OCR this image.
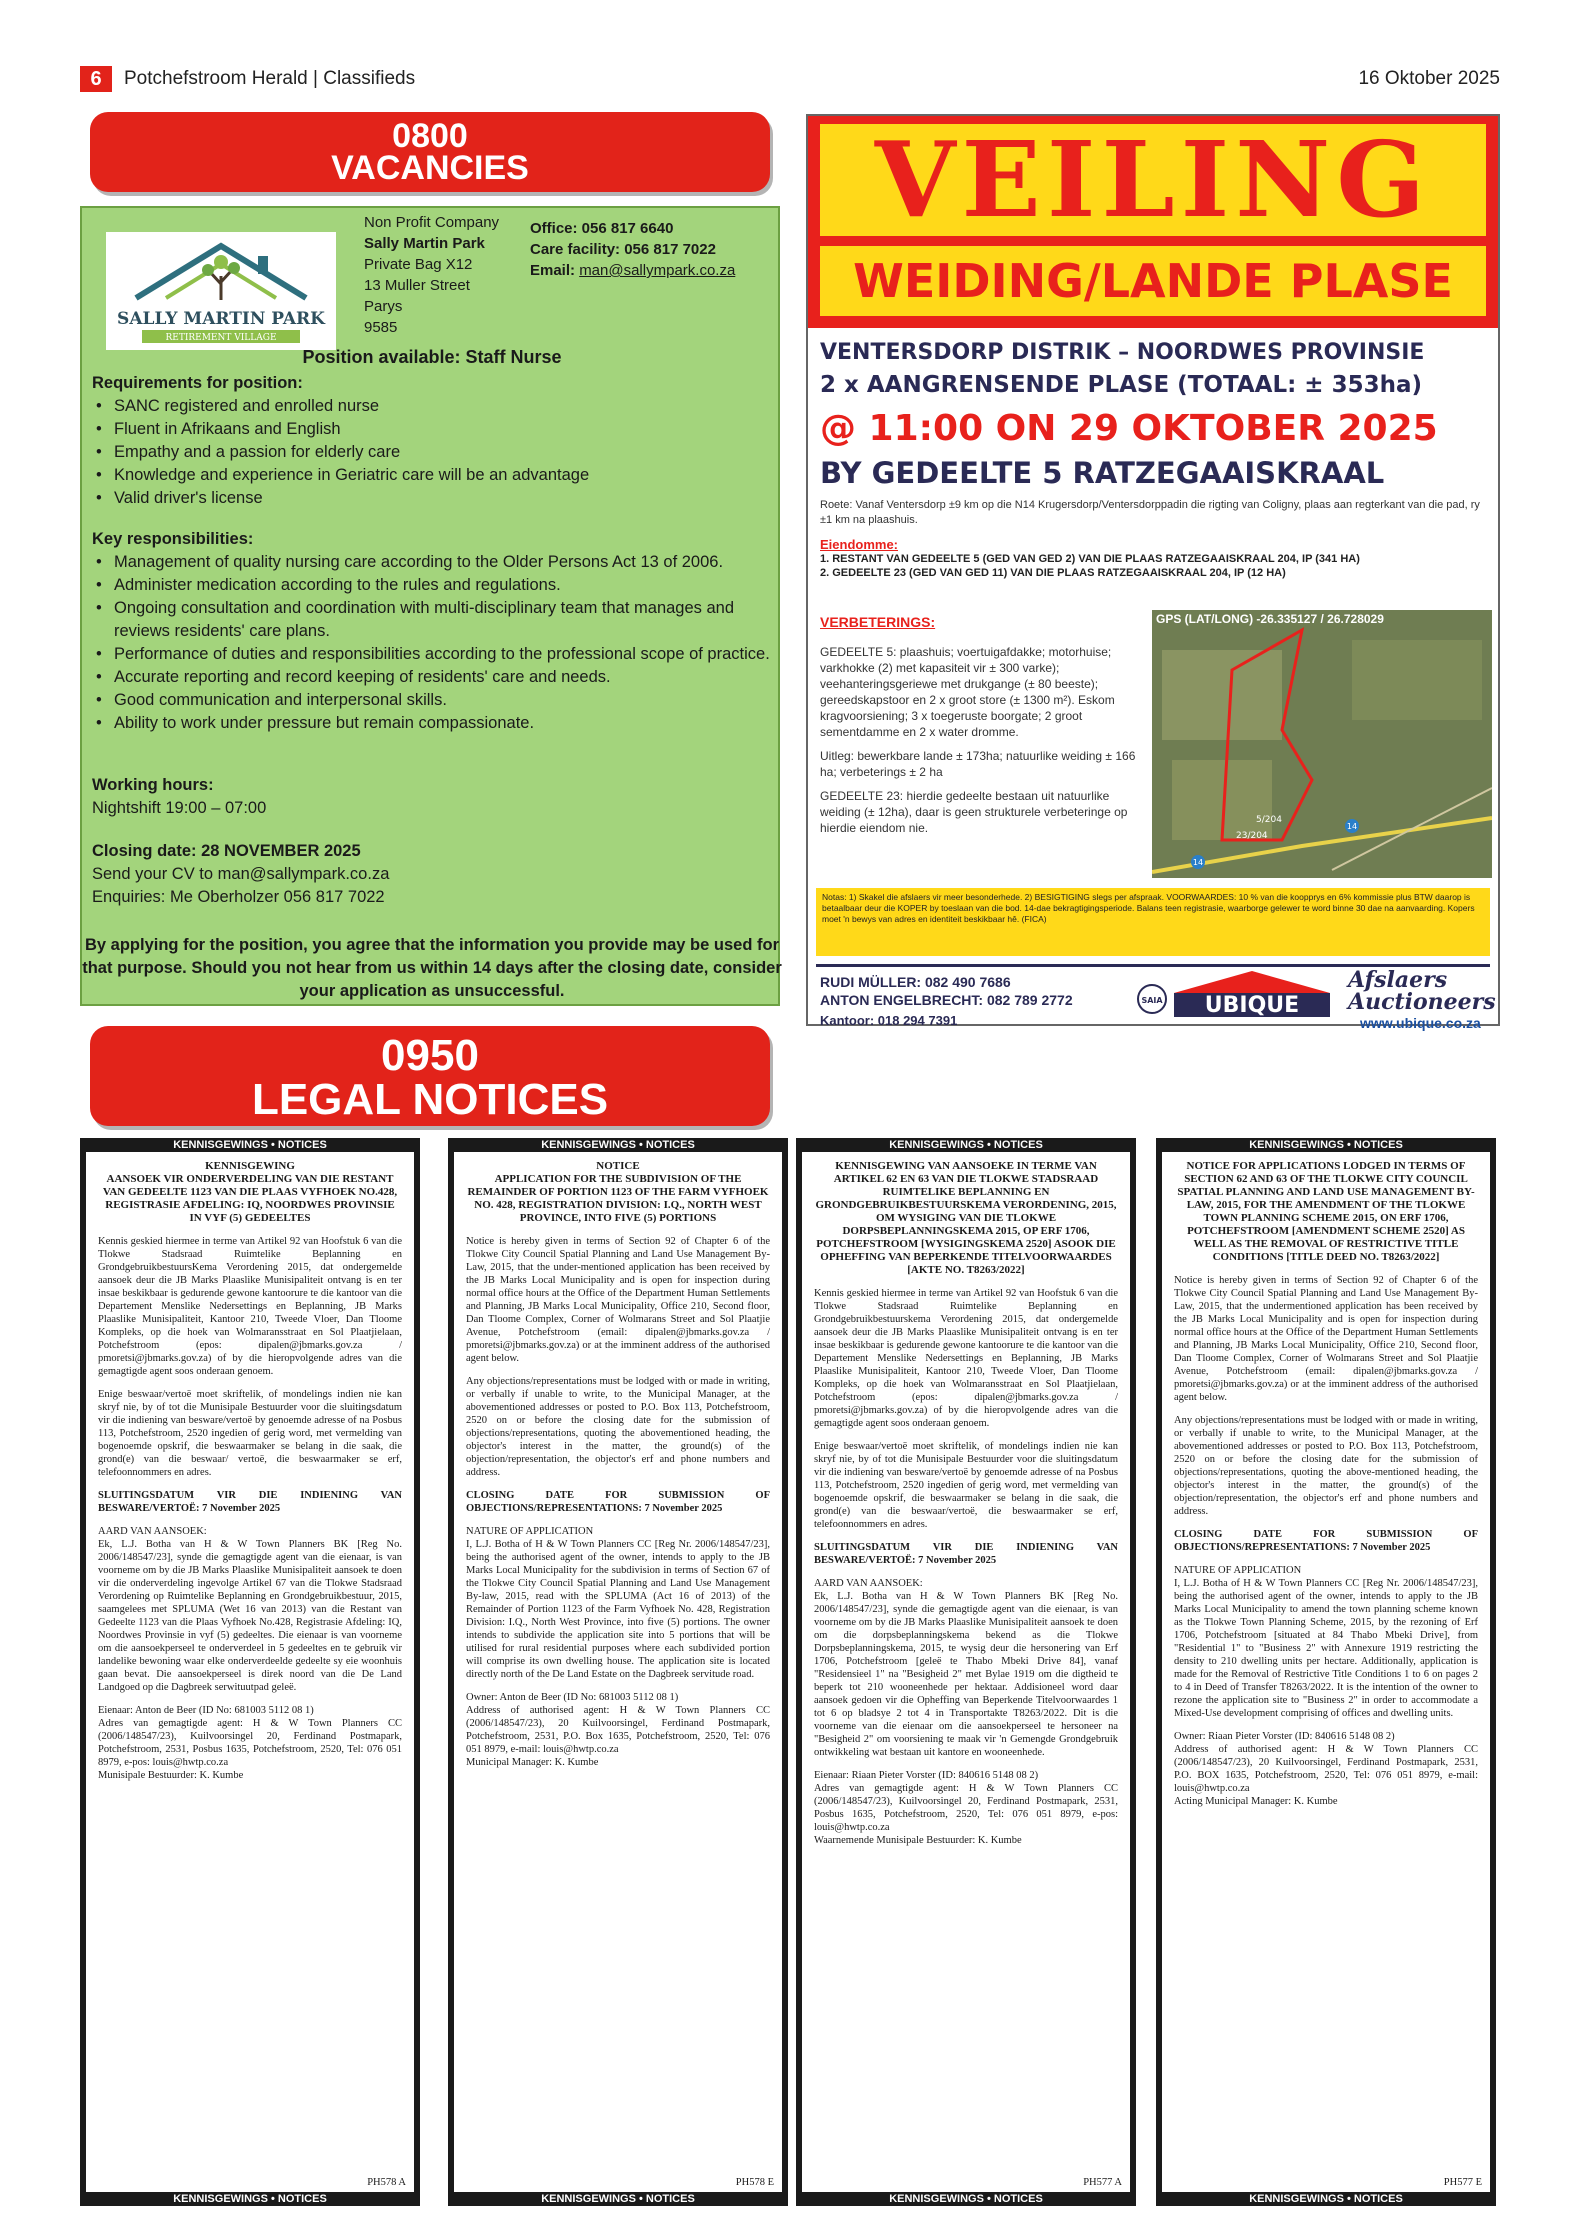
6	Potchefstroom Herald | Classifieds	16 Oktober 2025
0800
VACANCIES
SALLY MARTIN PARK
RETIREMENT VILLAGE
Non Profit Company
Sally Martin Park
Private Bag X12
13 Muller Street
Parys
9585
Office: 056 817 6640
Care facility: 056 817 7022
Email: man@sallympark.co.za
Position available: Staff Nurse
Requirements for position:
• SANC registered and enrolled nurse
• Fluent in Afrikaans and English
• Empathy and a passion for elderly care
• Knowledge and experience in Geriatric care will be an advantage
• Valid driver's license
Key responsibilities:
• Management of quality nursing care according to the Older Persons Act 13 of 2006.
• Administer medication according to the rules and regulations.
• Ongoing consultation and coordination with multi-disciplinary team that manages and reviews residents' care plans.
• Performance of duties and responsibilities according to the professional scope of practice.
• Accurate reporting and record keeping of residents' care and needs.
• Good communication and interpersonal skills.
• Ability to work under pressure but remain compassionate.
Working hours:
Nightshift 19:00 – 07:00
Closing date: 28 NOVEMBER 2025
Send your CV to man@sallympark.co.za
Enquiries: Me Oberholzer 056 817 7022
By applying for the position, you agree that the information you provide may be used for that purpose. Should you not hear from us within 14 days after the closing date, consider your application as unsuccessful.
VEILING
WEIDING/LANDE PLASE
VENTERSDORP DISTRIK – NOORDWES PROVINSIE
2 x AANGRENSENDE PLASE (TOTAAL: ± 353ha)
@ 11:00 ON 29 OKTOBER 2025
BY GEDEELTE 5 RATZEGAAISKRAAL
Roete: Vanaf Ventersdorp ±9 km op die N14 Krugersdorp/Ventersdorppadin die rigting van Coligny, plaas aan regterkant van die pad, ry ±1 km na plaashuis.
Eiendomme:
1. RESTANT VAN GEDEELTE 5 (GED VAN GED 2) VAN DIE PLAAS RATZEGAAISKRAAL 204, IP (341 HA)
2. GEDEELTE 23 (GED VAN GED 11) VAN DIE PLAAS RATZEGAAISKRAAL 204, IP (12 HA)
VERBETERINGS:

GEDEELTE 5: plaashuis; voertuigafdakke; motorhuise; varkhokke (2) met kapasiteit vir ± 300 varke); veehanteringsgeriewe met drukgange (± 80 beeste); gereedskapstoor en 2 x groot store (± 1300 m²). Eskom kragvoorsiening; 3 x toegeruste boorgate; 2 groot sementdamme en 2 x water dromme.

Uitleg: bewerkbare lande ± 173ha; natuurlike weiding ± 166 ha; verbeterings ± 2 ha

GEDEELTE 23: hierdie gedeelte bestaan uit natuurlike weiding (± 12ha), daar is geen strukturele verbeteringe op hierdie eiendom nie.

5/204
23/204
14
14
GPS (LAT/LONG) -26.335127 / 26.728029
Notas: 1) Skakel die afslaers vir meer besonderhede. 2) BESIGTIGING slegs per afspraak. VOORWAARDES: 10 % van die koopprys en 6% kommissie plus BTW daarop is betaalbaar deur die KOPER by toeslaan van die bod. 14-dae bekragtigingsperiode. Balans teen registrasie, waarborge gelewer te word binne 30 dae na aanvaarding. Kopers moet 'n bewys van adres en identiteit beskikbaar hê. (FICA)
RUDI MÜLLER: 082 490 7686
ANTON ENGELBRECHT: 082 789 2772
Kantoor: 018 294 7391
SAIA UBIQUE
Afslaers
Auctioneers
www.ubique.co.za
0950
LEGAL NOTICES
KENNISGEWINGS • NOTICES
KENNISGEWING
AANSOEK VIR ONDERVERDELING VAN DIE RESTANT VAN GEDEELTE 1123 VAN DIE PLAAS VYFHOEK NO.428, REGISTRASIE AFDELING: IQ, NOORDWES PROVINSIE IN VYF (5) GEDEELTES
Kennis geskied hiermee in terme van Artikel 92 van Hoofstuk 6 van die Tlokwe Stadsraad Ruimtelike Beplanning en GrondgebruikbestuursKema Verordening 2015, dat ondergemelde aansoek deur die JB Marks Plaaslike Munisipaliteit ontvang is en ter insae beskikbaar is gedurende gewone kantoorure te die kantoor van die Departement Menslike Nedersettings en Beplanning, JB Marks Plaaslike Munisipaliteit, Kantoor 210, Tweede Vloer, Dan Tloome Kompleks, op die hoek van Wolmaransstraat en Sol Plaatjielaan, Potchefstroom (epos: dipalen@jbmarks.gov.za / pmoretsi@jbmarks.gov.za) of by die hieropvolgende adres van die gemagtigde agent soos onderaan genoem.
Enige beswaar/vertoë moet skriftelik, of mondelings indien nie kan skryf nie, by of tot die Munisipale Bestuurder voor die sluitingsdatum vir die indiening van besware/vertoë by genoemde adresse of na Posbus 113, Potchefstroom, 2520 ingedien of gerig word, met vermelding van bogenoemde opskrif, die beswaarmaker se belang in die saak, die grond(e) van die beswaar/ vertoë, die beswaarmaker se erf, telefoonnommers en adres.
SLUITINGSDATUM VIR DIE INDIENING VAN BESWARE/VERTOË: 7 November 2025
AARD VAN AANSOEK:
Ek, L.J. Botha van H & W Town Planners BK [Reg No. 2006/148547/23], synde die gemagtigde agent van die eienaar, is van voorneme om by die JB Marks Plaaslike Munisipaliteit aansoek te doen vir die onderverdeling ingevolge Artikel 67 van die Tlokwe Stadsraad Verordening op Ruimtelike Beplanning en Grondgebruikbestuur, 2015, saamgelees met SPLUMA (Wet 16 van 2013) van die Restant van Gedeelte 1123 van die Plaas Vyfhoek No.428, Registrasie Afdeling: IQ, Noordwes Provinsie in vyf (5) gedeeltes. Die eienaar is van voorneme om die aansoekperseel te onderverdeel in 5 gedeeltes en te gebruik vir landelike bewoning waar elke onderverdeelde gedeelte sy eie woonhuis gaan bevat. Die aansoekperseel is direk noord van die De Land Landgoed op die Dagbreek serwituutpad geleë.
Eienaar: Anton de Beer (ID No: 681003 5112 08 1)
Adres van gemagtigde agent: H & W Town Planners CC (2006/148547/23), Kuilvoorsingel 20, Ferdinand Postmapark, Potchefstroom, 2531, Posbus 1635, Potchefstroom, 2520, Tel: 076 051 8979, e-pos: louis@hwtp.co.za
Munisipale Bestuurder: K. Kumbe
PH578 A
KENNISGEWINGS • NOTICES
KENNISGEWINGS • NOTICES
NOTICE
APPLICATION FOR THE SUBDIVISION OF THE REMAINDER OF PORTION 1123 OF THE FARM VYFHOEK NO. 428, REGISTRATION DIVISION: I.Q., NORTH WEST PROVINCE, INTO FIVE (5) PORTIONS
Notice is hereby given in terms of Section 92 of Chapter 6 of the Tlokwe City Council Spatial Planning and Land Use Management By-Law, 2015, that the under-mentioned application has been received by the JB Marks Local Municipality and is open for inspection during normal office hours at the Office of the Department Human Settlements and Planning, JB Marks Local Municipality, Office 210, Second floor, Dan Tloome Complex, Corner of Wolmarans Street and Sol Plaatjie Avenue, Potchefstroom (email: dipalen@jbmarks.gov.za / pmoretsi@jbmarks.gov.za) or at the imminent address of the authorised agent below.
Any objections/representations must be lodged with or made in writing, or verbally if unable to write, to the Municipal Manager, at the abovementioned addresses or posted to P.O. Box 113, Potchefstroom, 2520 on or before the closing date for the submission of objections/representations, quoting the abovementioned heading, the objector's interest in the matter, the ground(s) of the objection/representation, the objector's erf and phone numbers and address.
CLOSING DATE FOR SUBMISSION OF OBJECTIONS/REPRESENTATIONS: 7 November 2025
NATURE OF APPLICATION
I, L.J. Botha of H & W Town Planners CC [Reg Nr. 2006/148547/23], being the authorised agent of the owner, intends to apply to the JB Marks Local Municipality for the subdivision in terms of Section 67 of the Tlokwe City Council Spatial Planning and Land Use Management By-law, 2015, read with the SPLUMA (Act 16 of 2013) of the Remainder of Portion 1123 of the Farm Vyfhoek No. 428, Registration Division: I.Q., North West Province, into five (5) portions. The owner intends to subdivide the application site into 5 portions that will be utilised for rural residential purposes where each subdivided portion will comprise its own dwelling house. The application site is located directly north of the De Land Estate on the Dagbreek servitude road.
Owner: Anton de Beer (ID No: 681003 5112 08 1)
Address of authorised agent: H & W Town Planners CC (2006/148547/23), 20 Kuilvoorsingel, Ferdinand Postmapark, Potchefstroom, 2531, P.O. Box 1635, Potchefstroom, 2520, Tel: 076 051 8979, e-mail: louis@hwtp.co.za
Municipal Manager: K. Kumbe
PH578 E
KENNISGEWINGS • NOTICES
KENNISGEWINGS • NOTICES
KENNISGEWING VAN AANSOEKE IN TERME VAN ARTIKEL 62 EN 63 VAN DIE TLOKWE STADSRAAD RUIMTELIKE BEPLANNING EN GRONDGEBRUIKBESTUURSKEMA VERORDENING, 2015, OM WYSIGING VAN DIE TLOKWE DORPSBEPLANNINGSKEMA 2015, OP ERF 1706, POTCHEFSTROOM [WYSIGINGSKEMA 2520] ASOOK DIE OPHEFFING VAN BEPERKENDE TITELVOORWAARDES [AKTE NO. T8263/2022]
Kennis geskied hiermee in terme van Artikel 92 van Hoofstuk 6 van die Tlokwe Stadsraad Ruimtelike Beplanning en Grondgebruikbestuurskema Verordening 2015, dat ondergemelde aansoek deur die JB Marks Plaaslike Munisipaliteit ontvang is en ter insae beskikbaar is gedurende gewone kantoorure te die kantoor van die Departement Menslike Nedersettings en Beplanning, JB Marks Plaaslike Munisipaliteit, Kantoor 210, Tweede Vloer, Dan Tloome Kompleks, op die hoek van Wolmaransstraat en Sol Plaatjielaan, Potchefstroom (epos: dipalen@jbmarks.gov.za / pmoretsi@jbmarks.gov.za) of by die hieropvolgende adres van die gemagtigde agent soos onderaan genoem.
Enige beswaar/vertoë moet skriftelik, of mondelings indien nie kan skryf nie, by of tot die Munisipale Bestuurder voor die sluitingsdatum vir die indiening van besware/vertoë by genoemde adresse of na Posbus 113, Potchefstroom, 2520 ingedien of gerig word, met vermelding van bogenoemde opskrif, die beswaarmaker se belang in die saak, die grond(e) van die beswaar/vertoë, die beswaarmaker se erf, telefoonnommers en adres.
SLUITINGSDATUM VIR DIE INDIENING VAN BESWARE/VERTOË: 7 November 2025
AARD VAN AANSOEK:
Ek, L.J. Botha van H & W Town Planners BK [Reg No. 2006/148547/23], synde die gemagtigde agent van die eienaar, is van voorneme om by die JB Marks Plaaslike Munisipaliteit aansoek te doen om die dorpsbeplanningskema bekend as die Tlokwe Dorpsbeplanningskema, 2015, te wysig deur die hersonering van Erf 1706, Potchefstroom [geleë te Thabo Mbeki Drive 84], vanaf "Residensieel 1" na "Besigheid 2" met Bylae 1919 om die digtheid te beperk tot 210 wooneenhede per hektaar. Addisioneel word daar aansoek gedoen vir die Opheffing van Beperkende Titelvoorwaardes 1 tot 6 op bladsye 2 tot 4 in Transportakte T8263/2022. Dit is die voorneme van die eienaar om die aansoekperseel te hersoneer na "Besigheid 2" om voorsiening te maak vir 'n Gemengde Grondgebruik ontwikkeling wat bestaan uit kantore en wooneenhede.
Eienaar: Riaan Pieter Vorster (ID: 840616 5148 08 2)
Adres van gemagtigde agent: H & W Town Planners CC (2006/148547/23), Kuilvoorsingel 20, Ferdinand Postmapark, 2531, Posbus 1635, Potchefstroom, 2520, Tel: 076 051 8979, e-pos: louis@hwtp.co.za
Waarnemende Munisipale Bestuurder: K. Kumbe
PH577 A
KENNISGEWINGS • NOTICES
KENNISGEWINGS • NOTICES
NOTICE FOR APPLICATIONS LODGED IN TERMS OF SECTION 62 AND 63 OF THE TLOKWE CITY COUNCIL SPATIAL PLANNING AND LAND USE MANAGEMENT BY-LAW, 2015, FOR THE AMENDMENT OF THE TLOKWE TOWN PLANNING SCHEME 2015, ON ERF 1706, POTCHEFSTROOM [AMENDMENT SCHEME 2520] AS WELL AS THE REMOVAL OF RESTRICTIVE TITLE CONDITIONS [TITLE DEED NO. T8263/2022]
Notice is hereby given in terms of Section 92 of Chapter 6 of the Tlokwe City Council Spatial Planning and Land Use Management By-Law, 2015, that the undermentioned application has been received by the JB Marks Local Municipality and is open for inspection during normal office hours at the Office of the Department Human Settlements and Planning, JB Marks Local Municipality, Office 210, Second floor, Dan Tloome Complex, Corner of Wolmarans Street and Sol Plaatjie Avenue, Potchefstroom (email: dipalen@jbmarks.gov.za / pmoretsi@jbmarks.gov.za) or at the imminent address of the authorised agent below.
Any objections/representations must be lodged with or made in writing, or verbally if unable to write, to the Municipal Manager, at the abovementioned addresses or posted to P.O. Box 113, Potchefstroom, 2520 on or before the closing date for the submission of objections/representations, quoting the above-mentioned heading, the objector's interest in the matter, the ground(s) of the objection/representation, the objector's erf and phone numbers and address.
CLOSING DATE FOR SUBMISSION OF OBJECTIONS/REPRESENTATIONS: 7 November 2025
NATURE OF APPLICATION
I, L.J. Botha of H & W Town Planners CC [Reg Nr. 2006/148547/23], being the authorised agent of the owner, intends to apply to the JB Marks Local Municipality to amend the town planning scheme known as the Tlokwe Town Planning Scheme, 2015, by the rezoning of Erf 1706, Potchefstroom [situated at 84 Thabo Mbeki Drive], from "Residential 1" to "Business 2" with Annexure 1919 restricting the density to 210 dwelling units per hectare. Additionally, application is made for the Removal of Restrictive Title Conditions 1 to 6 on pages 2 to 4 in Deed of Transfer T8263/2022. It is the intention of the owner to rezone the application site to "Business 2" in order to accommodate a Mixed-Use development comprising of offices and dwelling units.
Owner: Riaan Pieter Vorster (ID: 840616 5148 08 2)
Address of authorised agent: H & W Town Planners CC (2006/148547/23), 20 Kuilvoorsingel, Ferdinand Postmapark, 2531, P.O. BOX 1635, Potchefstroom, 2520, Tel: 076 051 8979, e-mail: louis@hwtp.co.za
Acting Municipal Manager: K. Kumbe
PH577 E
KENNISGEWINGS • NOTICES
